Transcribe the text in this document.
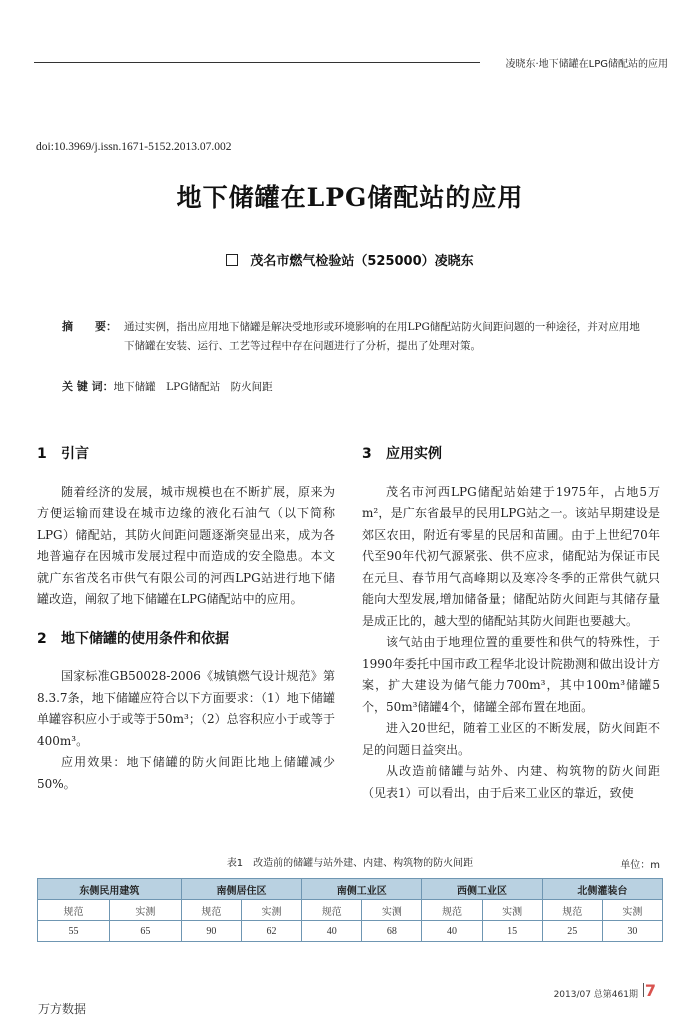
凌晓东·地下储罐在LPG储配站的应用
doi:10.3969/j.issn.1671-5152.2013.07.002
地下储罐在LPG储配站的应用
茂名市燃气检验站（525000）凌晓东
摘　　要： 通过实例，指出应用地下储罐是解决受地形或环境影响的在用LPG储配站防火间距问题的一种途径，并对应用地下储罐在安装、运行、工艺等过程中存在问题进行了分析，提出了处理对策。
关 键 词：地下储罐　LPG储配站　防火间距
1 引言

随着经济的发展，城市规模也在不断扩展，原来为方便运输而建设在城市边缘的液化石油气（以下简称LPG）储配站，其防火间距问题逐渐突显出来，成为各地普遍存在因城市发展过程中而造成的安全隐患。本文就广东省茂名市供气有限公司的河西LPG站进行地下储罐改造，阐叙了地下储罐在LPG储配站中的应用。

2 地下储罐的使用条件和依据

国家标准GB50028-2006《城镇燃气设计规范》第8.3.7条，地下储罐应符合以下方面要求：（1）地下储罐单罐容积应小于或等于50m³；（2）总容积应小于或等于400m³。

应用效果：地下储罐的防火间距比地上储罐减少50%。

3 应用实例

茂名市河西LPG储配站始建于1975年，占地5万m²，是广东省最早的民用LPG站之一。该站早期建设是郊区农田，附近有零星的民居和苗圃。由于上世纪70年代至90年代初气源紧张、供不应求，储配站为保证市民在元旦、春节用气高峰期以及寒冷冬季的正常供气就只能向大型发展,增加储备量；储配站防火间距与其储存量是成正比的，越大型的储配站其防火间距也要越大。

该气站由于地理位置的重要性和供气的特殊性，于1990年委托中国市政工程华北设计院勘测和做出设计方案，扩大建设为储气能力700m³，其中100m³储罐5个，50m³储罐4个，储罐全部布置在地面。

进入20世纪，随着工业区的不断发展，防火间距不足的问题日益突出。

从改造前储罐与站外、内建、构筑物的防火间距（见表1）可以看出，由于后来工业区的靠近，致使

表1　改造前的储罐与站外建、内建、构筑物的防火间距	单位：m
东侧民用建筑		南侧居住区		南侧工业区		西侧工业区		北侧灌装台	
规范	实测	规范	实测	规范	实测	规范	实测	规范	实测
55	65	90	62	40	68	40	15	25	30
2013/07 总第461期 7
万方数据
